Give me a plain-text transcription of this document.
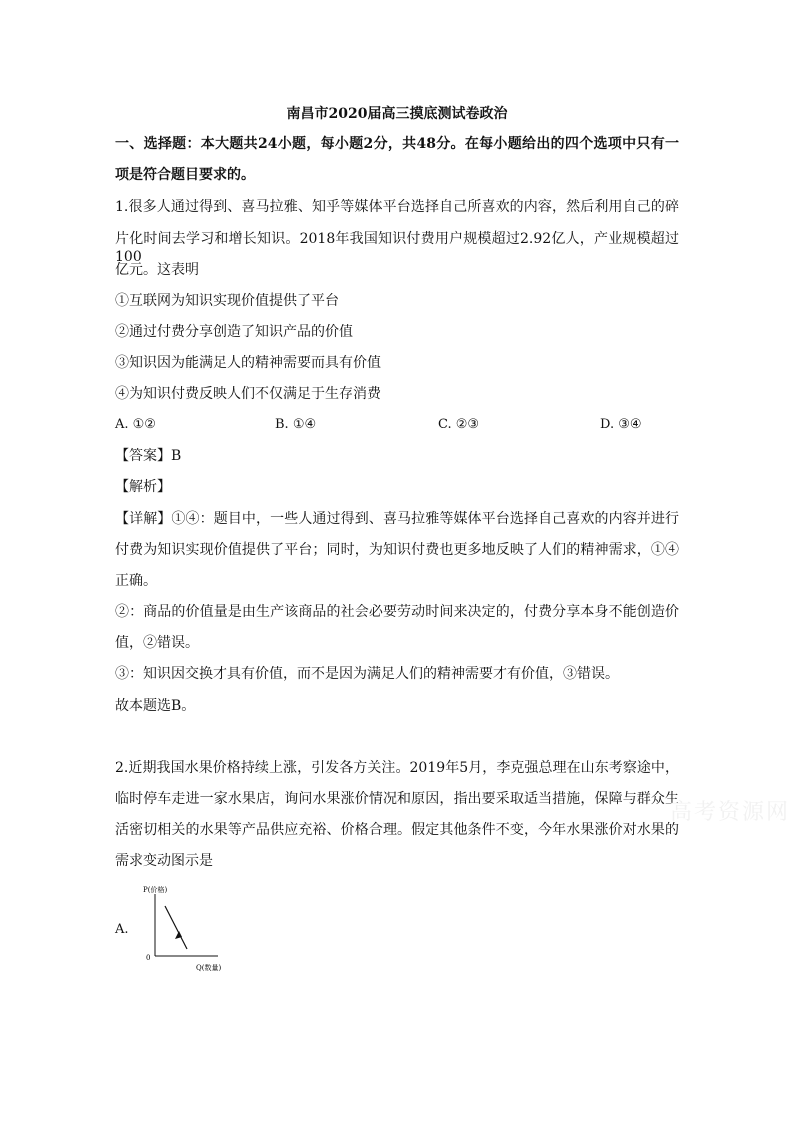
南昌市2020届高三摸底测试卷政治
一、选择题：本大题共24小题，每小题2分，共48分。在每小题给出的四个选项中只有一
项是符合题目要求的。
1.很多人通过得到、喜马拉雅、知乎等媒体平台选择自己所喜欢的内容，然后利用自己的碎
片化时间去学习和增长知识。2018年我国知识付费用户规模超过2.92亿人，产业规模超过100
亿元。这表明
①互联网为知识实现价值提供了平台
②通过付费分享创造了知识产品的价值
③知识因为能满足人的精神需要而具有价值
④为知识付费反映人们不仅满足于生存消费
A. ①②	B. ①④	C. ②③	D. ③④
【答案】B
【解析】
【详解】①④：题目中，一些人通过得到、喜马拉雅等媒体平台选择自己喜欢的内容并进行
付费为知识实现价值提供了平台；同时，为知识付费也更多地反映了人们的精神需求，①④
正确。
②：商品的价值量是由生产该商品的社会必要劳动时间来决定的，付费分享本身不能创造价
值，②错误。
③：知识因交换才具有价值，而不是因为满足人们的精神需要才有价值，③错误。
故本题选B。
2.近期我国水果价格持续上涨，引发各方关注。2019年5月，李克强总理在山东考察途中，
临时停车走进一家水果店，询问水果涨价情况和原因，指出要采取适当措施，保障与群众生
活密切相关的水果等产品供应充裕、价格合理。假定其他条件不变，今年水果涨价对水果的
需求变动图示是
A.
P(价格)
0
Q(数量)
高考资源网
